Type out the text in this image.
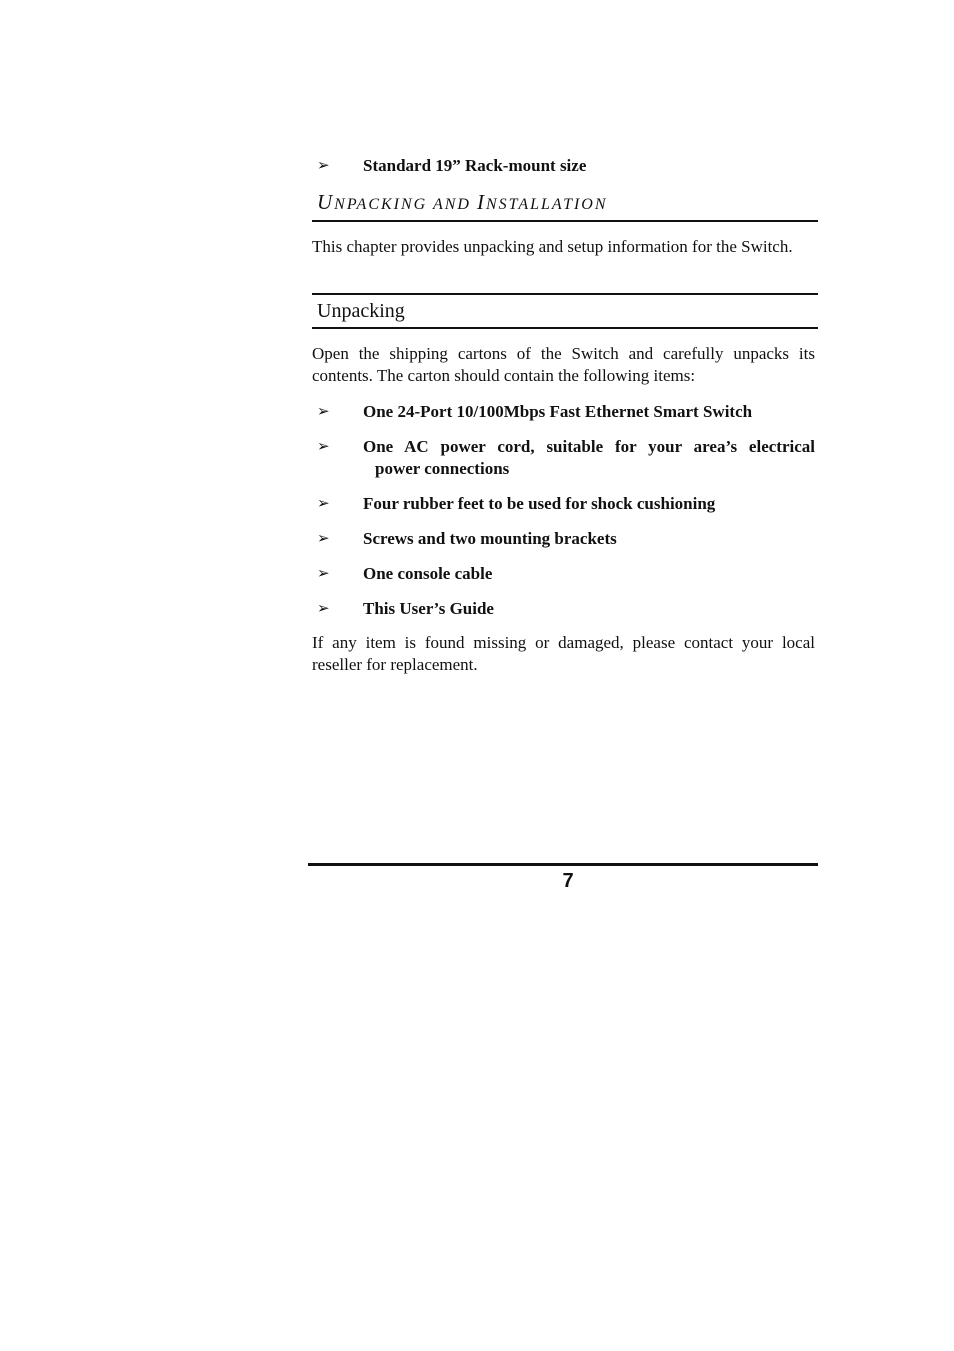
➢ Standard 19” Rack-mount size
UNPACKING AND INSTALLATION
This chapter provides unpacking and setup information for the Switch.
Unpacking
Open the shipping cartons of the Switch and carefully unpacks its contents. The carton should contain the following items:
➢ One 24-Port 10/100Mbps Fast Ethernet Smart Switch
➢ One AC power cord, suitable for your area’s electrical
power connections
➢ Four rubber feet to be used for shock cushioning
➢ Screws and two mounting brackets
➢ One console cable
➢ This User’s Guide
If any item is found missing or damaged, please contact your local reseller for replacement.
7
